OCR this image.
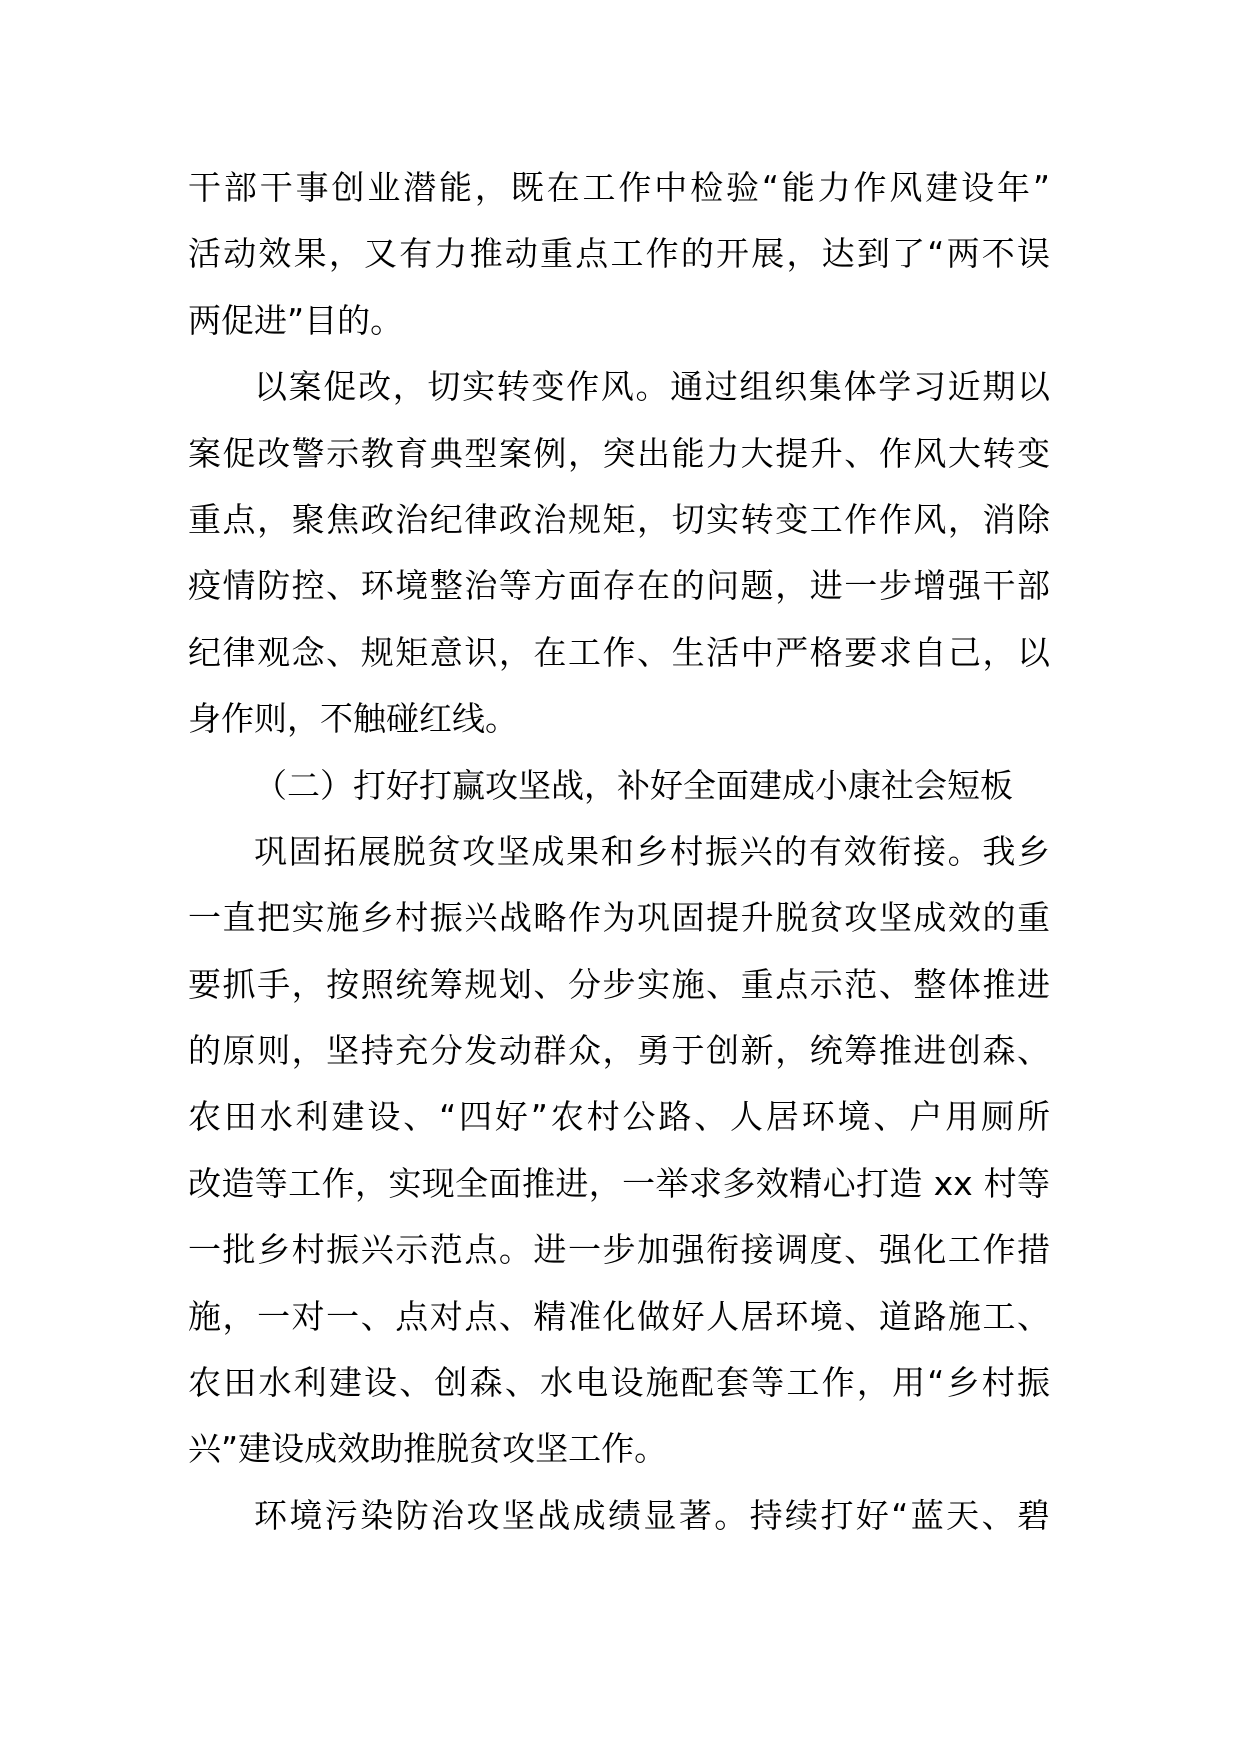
干部干事创业潜能，既在工作中检验“能力作风建设年”
活动效果，又有力推动重点工作的开展，达到了“两不误
两促进”目的。
以案促改，切实转变作风。通过组织集体学习近期以
案促改警示教育典型案例，突出能力大提升、作风大转变
重点，聚焦政治纪律政治规矩，切实转变工作作风，消除
疫情防控、环境整治等方面存在的问题，进一步增强干部
纪律观念、规矩意识，在工作、生活中严格要求自己，以
身作则，不触碰红线。
（二）打好打赢攻坚战，补好全面建成小康社会短板
巩固拓展脱贫攻坚成果和乡村振兴的有效衔接。我乡
一直把实施乡村振兴战略作为巩固提升脱贫攻坚成效的重
要抓手，按照统筹规划、分步实施、重点示范、整体推进
的原则，坚持充分发动群众，勇于创新，统筹推进创森、
农田水利建设、“四好”农村公路、人居环境、户用厕所
改造等工作，实现全面推进，一举求多效精心打造 xx 村等
一批乡村振兴示范点。进一步加强衔接调度、强化工作措
施，一对一、点对点、精准化做好人居环境、道路施工、
农田水利建设、创森、水电设施配套等工作，用“乡村振
兴”建设成效助推脱贫攻坚工作。
环境污染防治攻坚战成绩显著。持续打好“蓝天、碧
